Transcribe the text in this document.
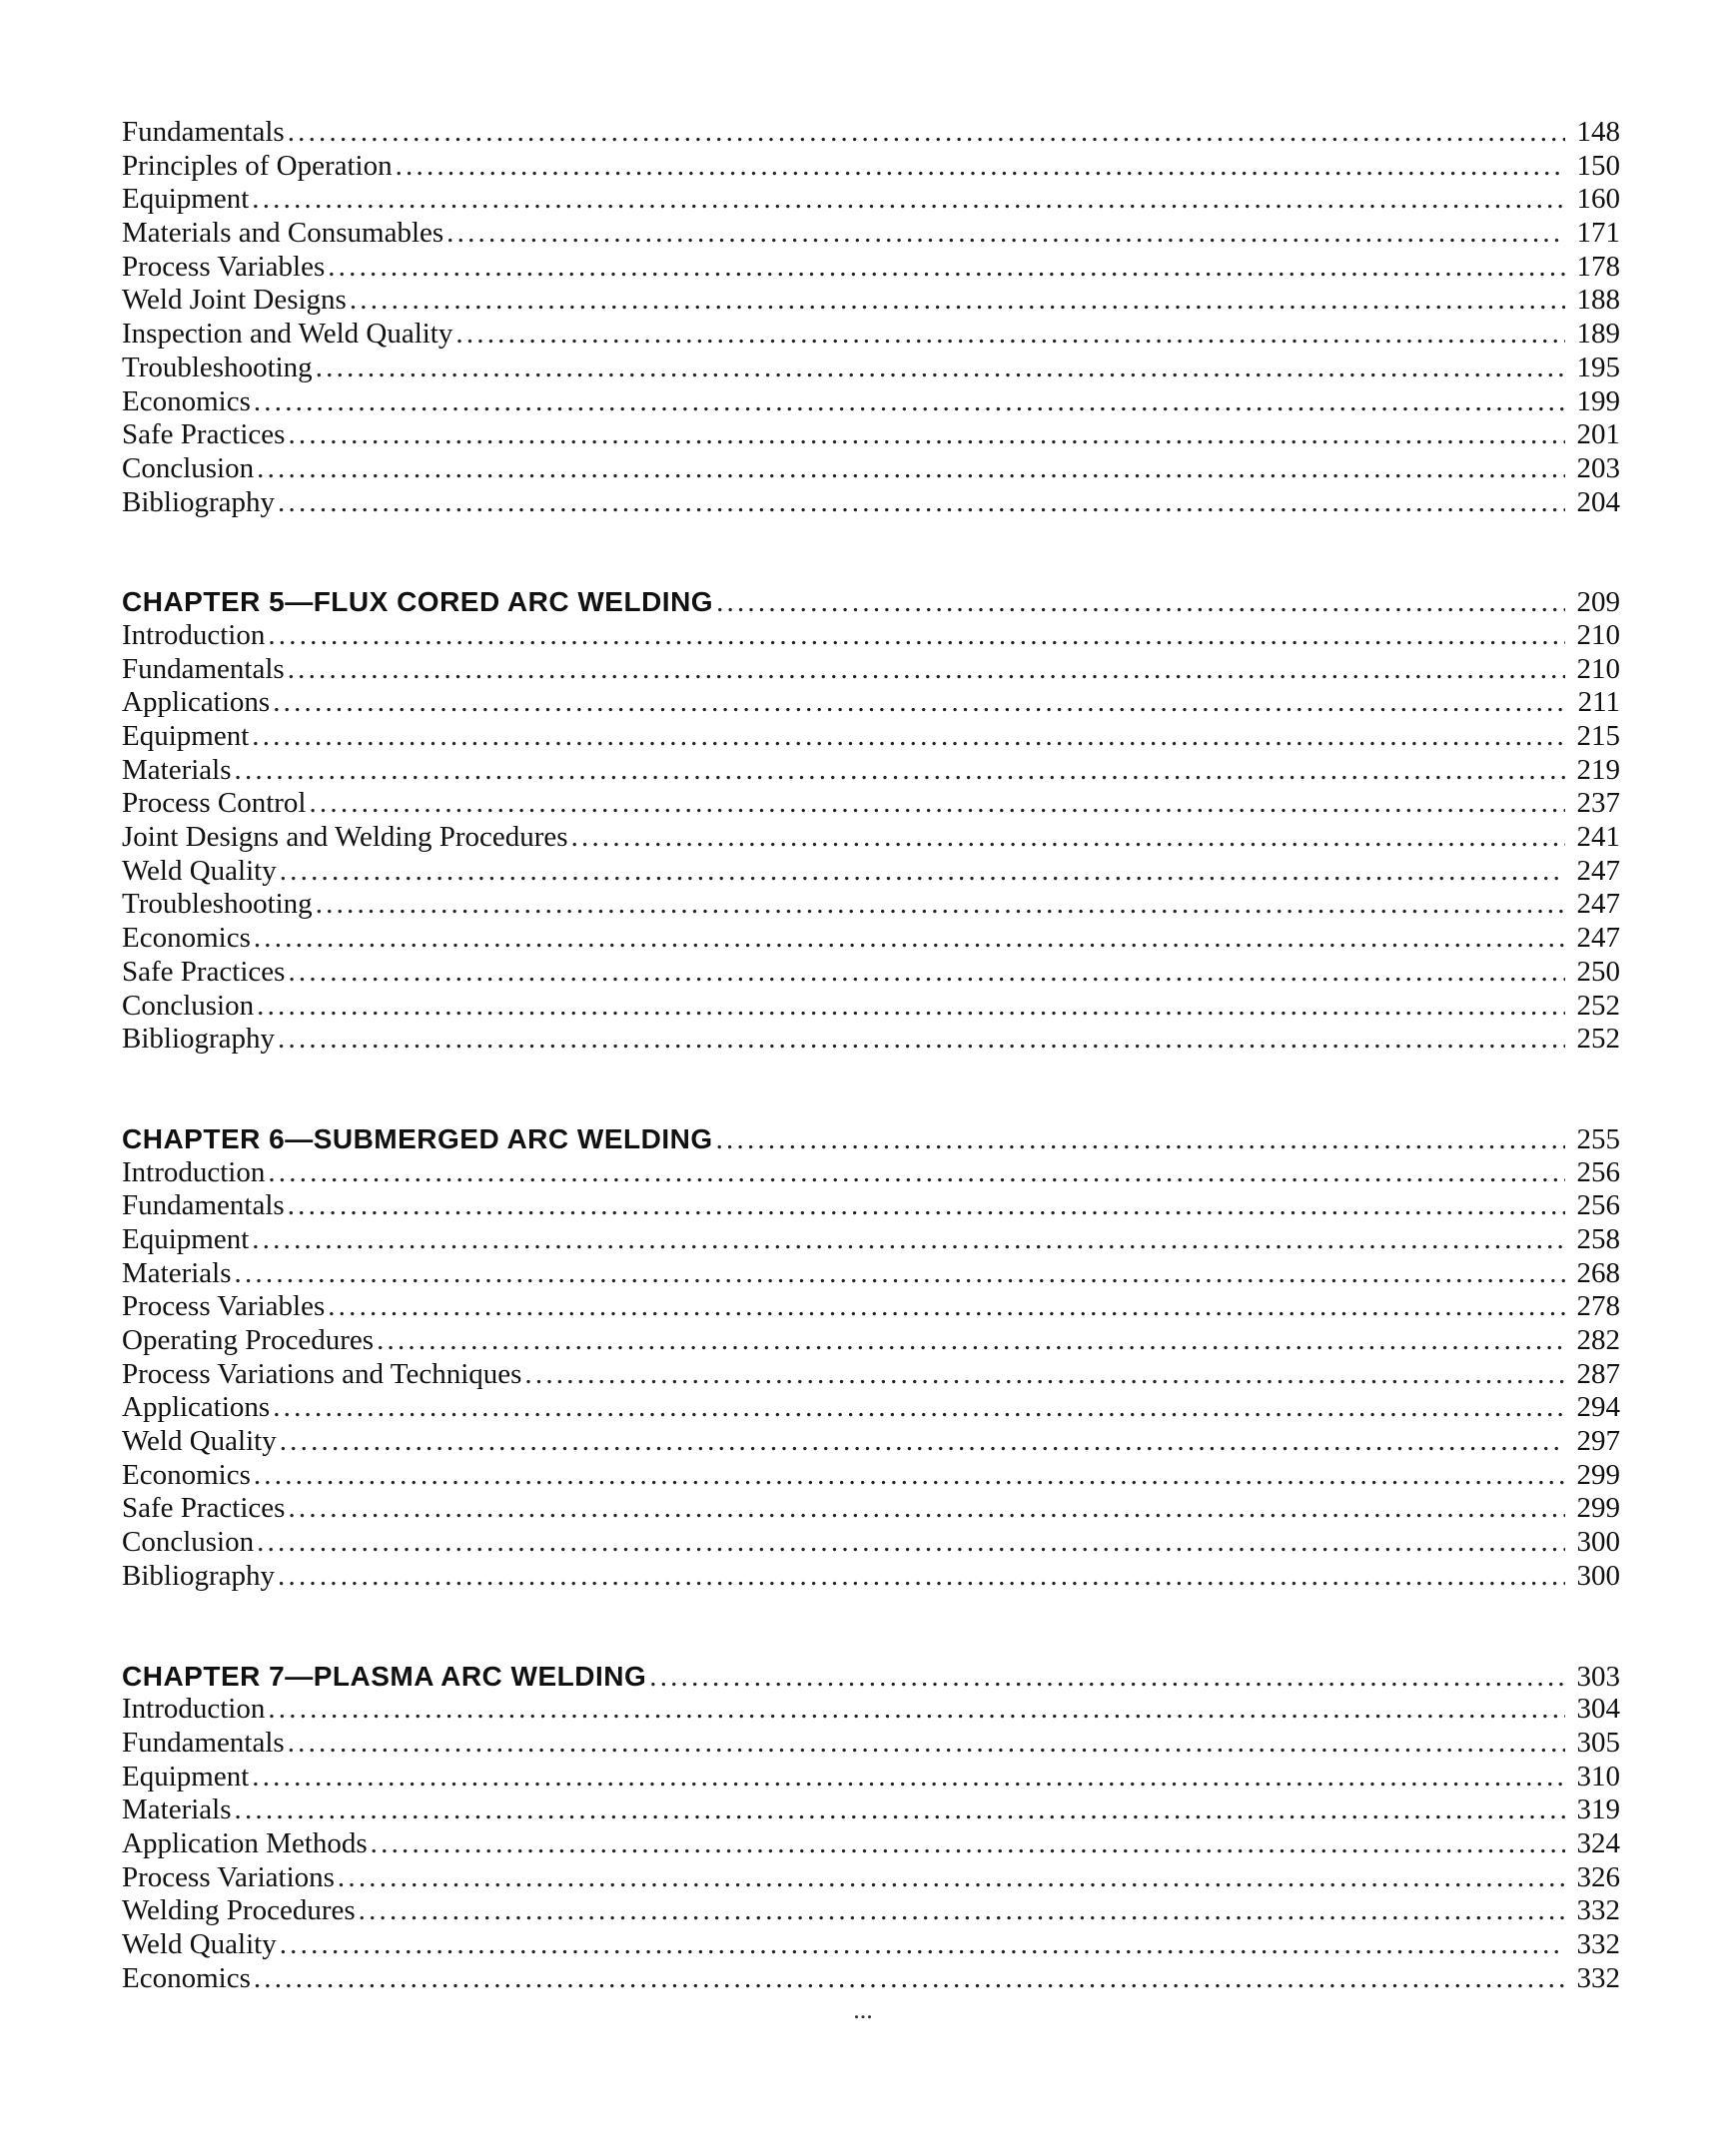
Fundamentals .....	148
Principles of Operation .....	150
Equipment .....	160
Materials and Consumables .....	171
Process Variables .....	178
Weld Joint Designs .....	188
Inspection and Weld Quality .....	189
Troubleshooting .....	195
Economics .....	199
Safe Practices .....	201
Conclusion .....	203
Bibliography .....	204
CHAPTER 5—FLUX CORED ARC WELDING .....	209
Introduction .....	210
Fundamentals .....	210
Applications .....	211
Equipment .....	215
Materials .....	219
Process Control .....	237
Joint Designs and Welding Procedures .....	241
Weld Quality .....	247
Troubleshooting .....	247
Economics .....	247
Safe Practices .....	250
Conclusion .....	252
Bibliography .....	252
CHAPTER 6—SUBMERGED ARC WELDING .....	255
Introduction .....	256
Fundamentals .....	256
Equipment .....	258
Materials .....	268
Process Variables .....	278
Operating Procedures .....	282
Process Variations and Techniques .....	287
Applications .....	294
Weld Quality .....	297
Economics .....	299
Safe Practices .....	299
Conclusion .....	300
Bibliography .....	300
CHAPTER 7—PLASMA ARC WELDING .....	303
Introduction .....	304
Fundamentals .....	305
Equipment .....	310
Materials .....	319
Application Methods .....	324
Process Variations .....	326
Welding Procedures .....	332
Weld Quality .....	332
Economics .....	332
...
